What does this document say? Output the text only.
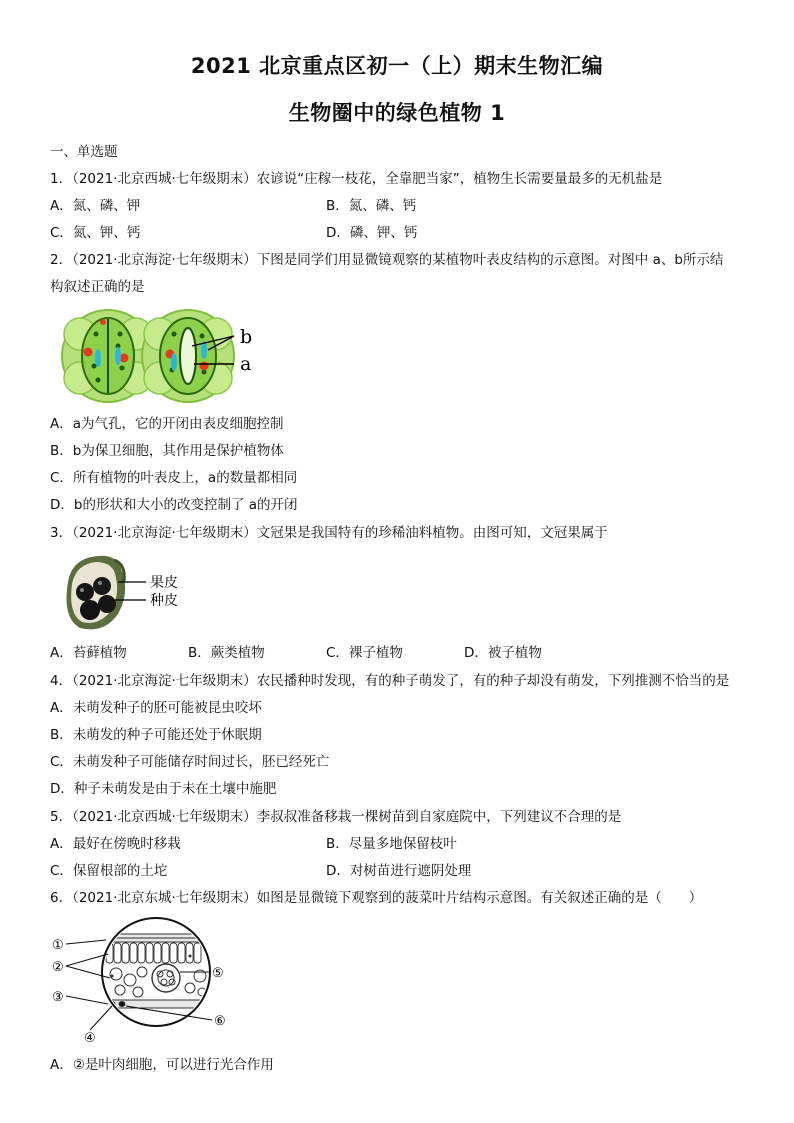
2021 北京重点区初一（上）期末生物汇编
生物圈中的绿色植物 1
一、单选题
1．（2021·北京西城·七年级期末）农谚说“庄稼一枝花，全靠肥当家”，植物生长需要量最多的无机盐是
A．氮、磷、钾	B．氮、磷、钙
C．氮、钾、钙	D．磷、钾、钙
2．（2021·北京海淀·七年级期末）下图是同学们用显微镜观察的某植物叶表皮结构的示意图。对图中 a、b所示结
构叙述正确的是
b
a
A．a为气孔，它的开闭由表皮细胞控制
B．b为保卫细胞，其作用是保护植物体
C．所有植物的叶表皮上，a的数量都相同
D．b的形状和大小的改变控制了 a的开闭
3．（2021·北京海淀·七年级期末）文冠果是我国特有的珍稀油料植物。由图可知，文冠果属于
果皮
种皮
A．苔藓植物	B．蕨类植物	C．裸子植物	D．被子植物
4．（2021·北京海淀·七年级期末）农民播种时发现，有的种子萌发了，有的种子却没有萌发，下列推测不恰当的是
A．未萌发种子的胚可能被昆虫咬坏
B．未萌发的种子可能还处于休眠期
C．未萌发种子可能储存时间过长，胚已经死亡
D．种子未萌发是由于未在土壤中施肥
5．（2021·北京西城·七年级期末）李叔叔准备移栽一棵树苗到自家庭院中，下列建议不合理的是
A．最好在傍晚时移栽	B．尽量多地保留枝叶
C．保留根部的土坨	D．对树苗进行遮阴处理
6．（2021·北京东城·七年级期末）如图是显微镜下观察到的菠菜叶片结构示意图。有关叙述正确的是（　　）
①
②
③
④
⑤
⑥
A．②是叶肉细胞，可以进行光合作用
